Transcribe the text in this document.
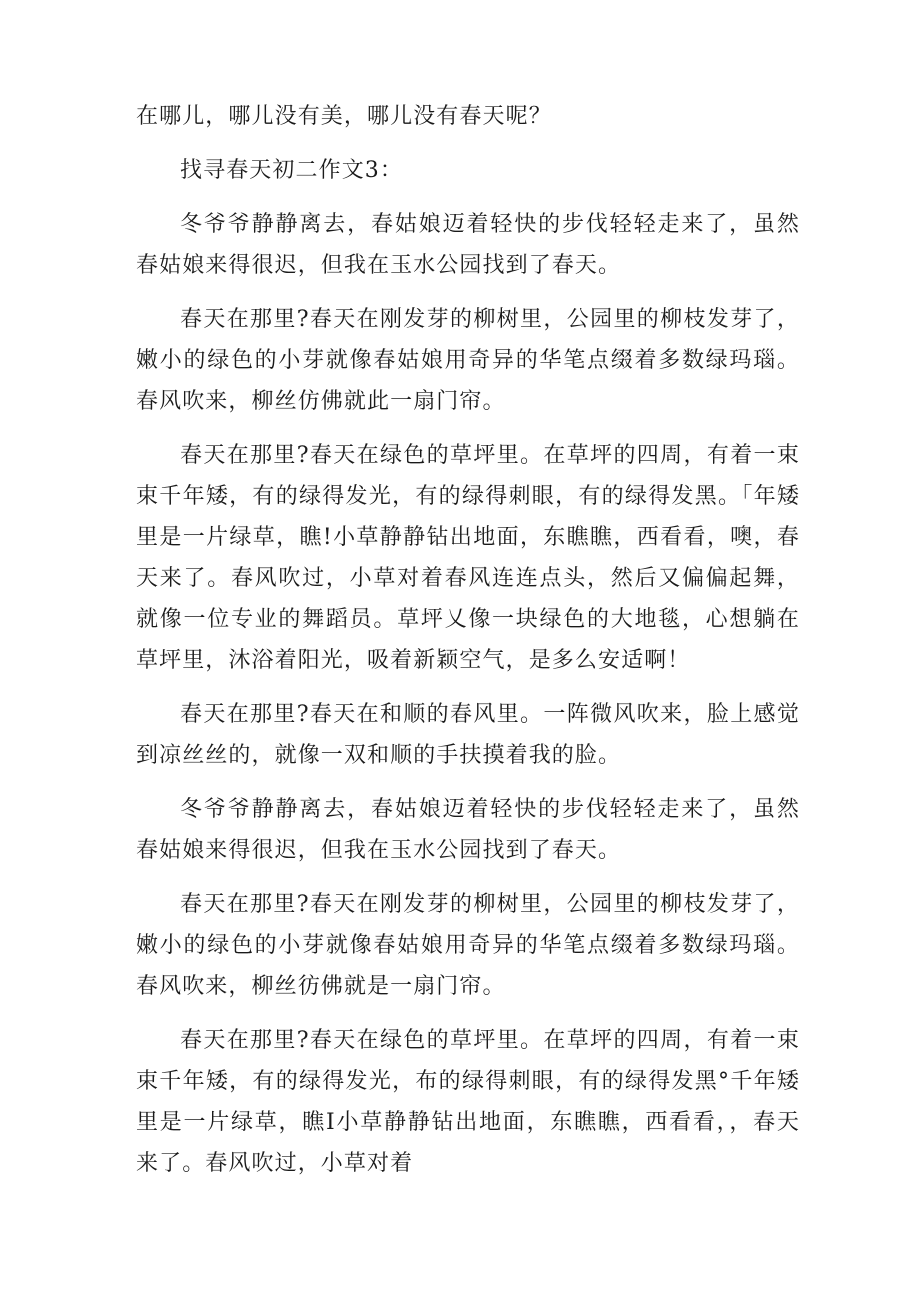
在哪儿，哪儿没有美，哪儿没有春天呢？

找寻春天初二作文3：

冬爷爷静静离去，春姑娘迈着轻快的步伐轻轻走来了，虽然春姑娘来得很迟，但我在玉水公园找到了春天。

春天在那里?春天在刚发芽的柳树里，公园里的柳枝发芽了，嫩小的绿色的小芽就像春姑娘用奇异的华笔点缀着多数绿玛瑙。春风吹来，柳丝仿佛就此一扇门帘。

春天在那里?春天在绿色的草坪里。在草坪的四周，有着一束束千年矮，有的绿得发光，有的绿得刺眼，有的绿得发黑。「年矮里是一片绿草，瞧!小草静静钻出地面，东瞧瞧，西看看，噢，春天来了。春风吹过，小草对着春风连连点头，然后又偏偏起舞，就像一位专业的舞蹈员。草坪乂像一块绿色的大地毯，心想躺在草坪里，沐浴着阳光，吸着新颖空气，是多么安适啊！

春天在那里?春天在和顺的春风里。一阵微风吹来，脸上感觉到凉丝丝的，就像一双和顺的手扶摸着我的脸。

冬爷爷静静离去，春姑娘迈着轻快的步伐轻轻走来了，虽然春姑娘来得很迟，但我在玉水公园找到了春天。

春天在那里?春天在刚发芽的柳树里，公园里的柳枝发芽了，嫩小的绿色的小芽就像春姑娘用奇异的华笔点缀着多数绿玛瑙。春风吹来，柳丝彷佛就是一扇门帘。

春天在那里?春天在绿色的草坪里。在草坪的四周，有着一束束千年矮，有的绿得发光，布的绿得刺眼，有的绿得发黑°千年矮里是一片绿草，瞧I小草静静钻出地面，东瞧瞧，西看看，，春天来了。春风吹过，小草对着
